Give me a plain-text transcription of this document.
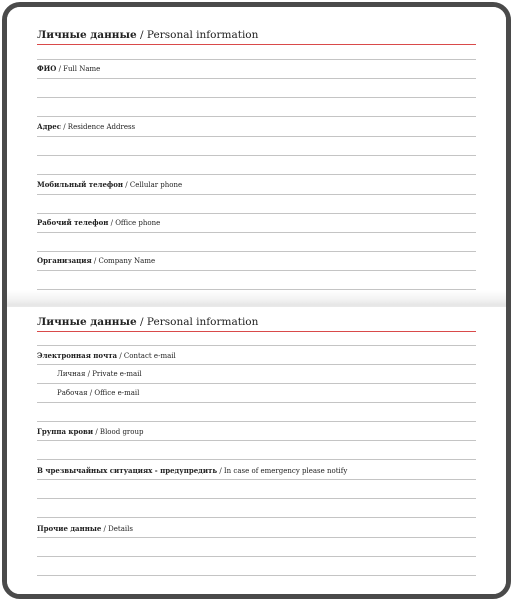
Личные данные / Personal information
ФИО / Full Name
Адрес / Residence Address
Мобильный телефон / Cellular phone
Рабочий телефон / Office phone
Организация / Company Name
Личные данные / Personal information
Электронная почта / Contact e-mail
Личная / Private e-mail
Рабочая / Office e-mail
Группа крови / Blood group
В чрезвычайных ситуациях - предупредить / In case of emergency please notify
Прочие данные / Details
